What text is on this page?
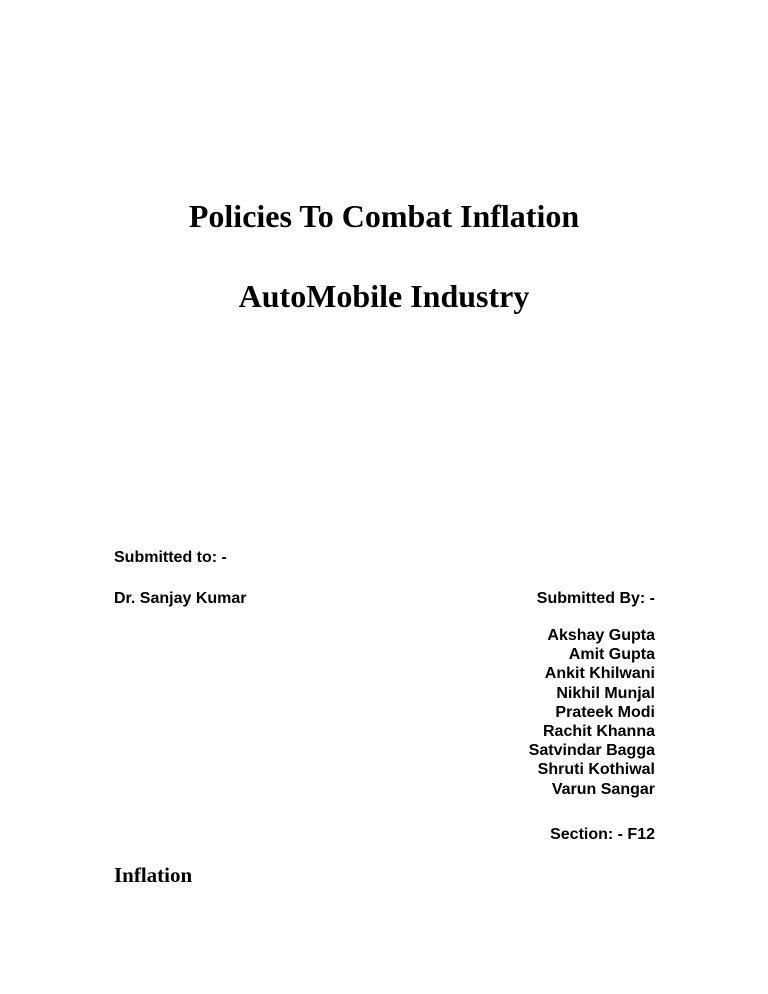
Policies To Combat Inflation
AutoMobile Industry
Submitted to: -
Dr. Sanjay Kumar	Submitted By: -
Akshay Gupta
Amit Gupta
Ankit Khilwani
Nikhil Munjal
Prateek Modi
Rachit Khanna
Satvindar Bagga
Shruti Kothiwal
Varun Sangar
Section: - F12
Inflation
